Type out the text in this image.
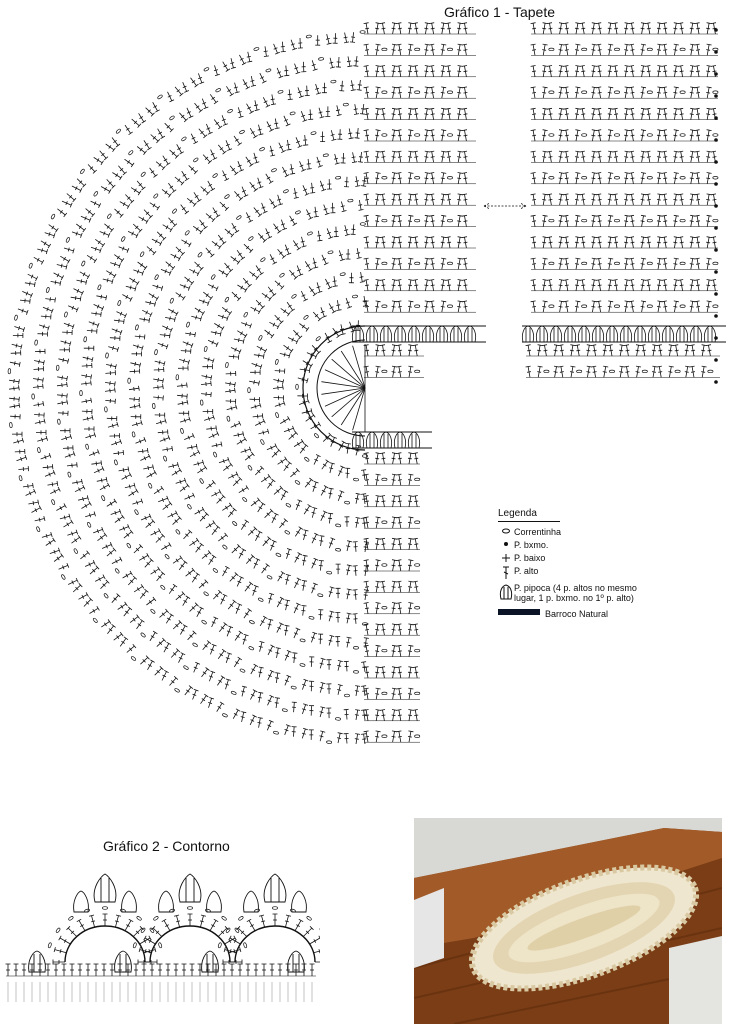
Gráfico 1 - Tapete
Legenda
Correntinha
P. bxmo.
P. baixo
P. alto
P. pipoca (4 p. altos no mesmo
lugar, 1 p. bxmo. no 1º p. alto)
Barroco Natural
Gráfico 2 - Contorno
